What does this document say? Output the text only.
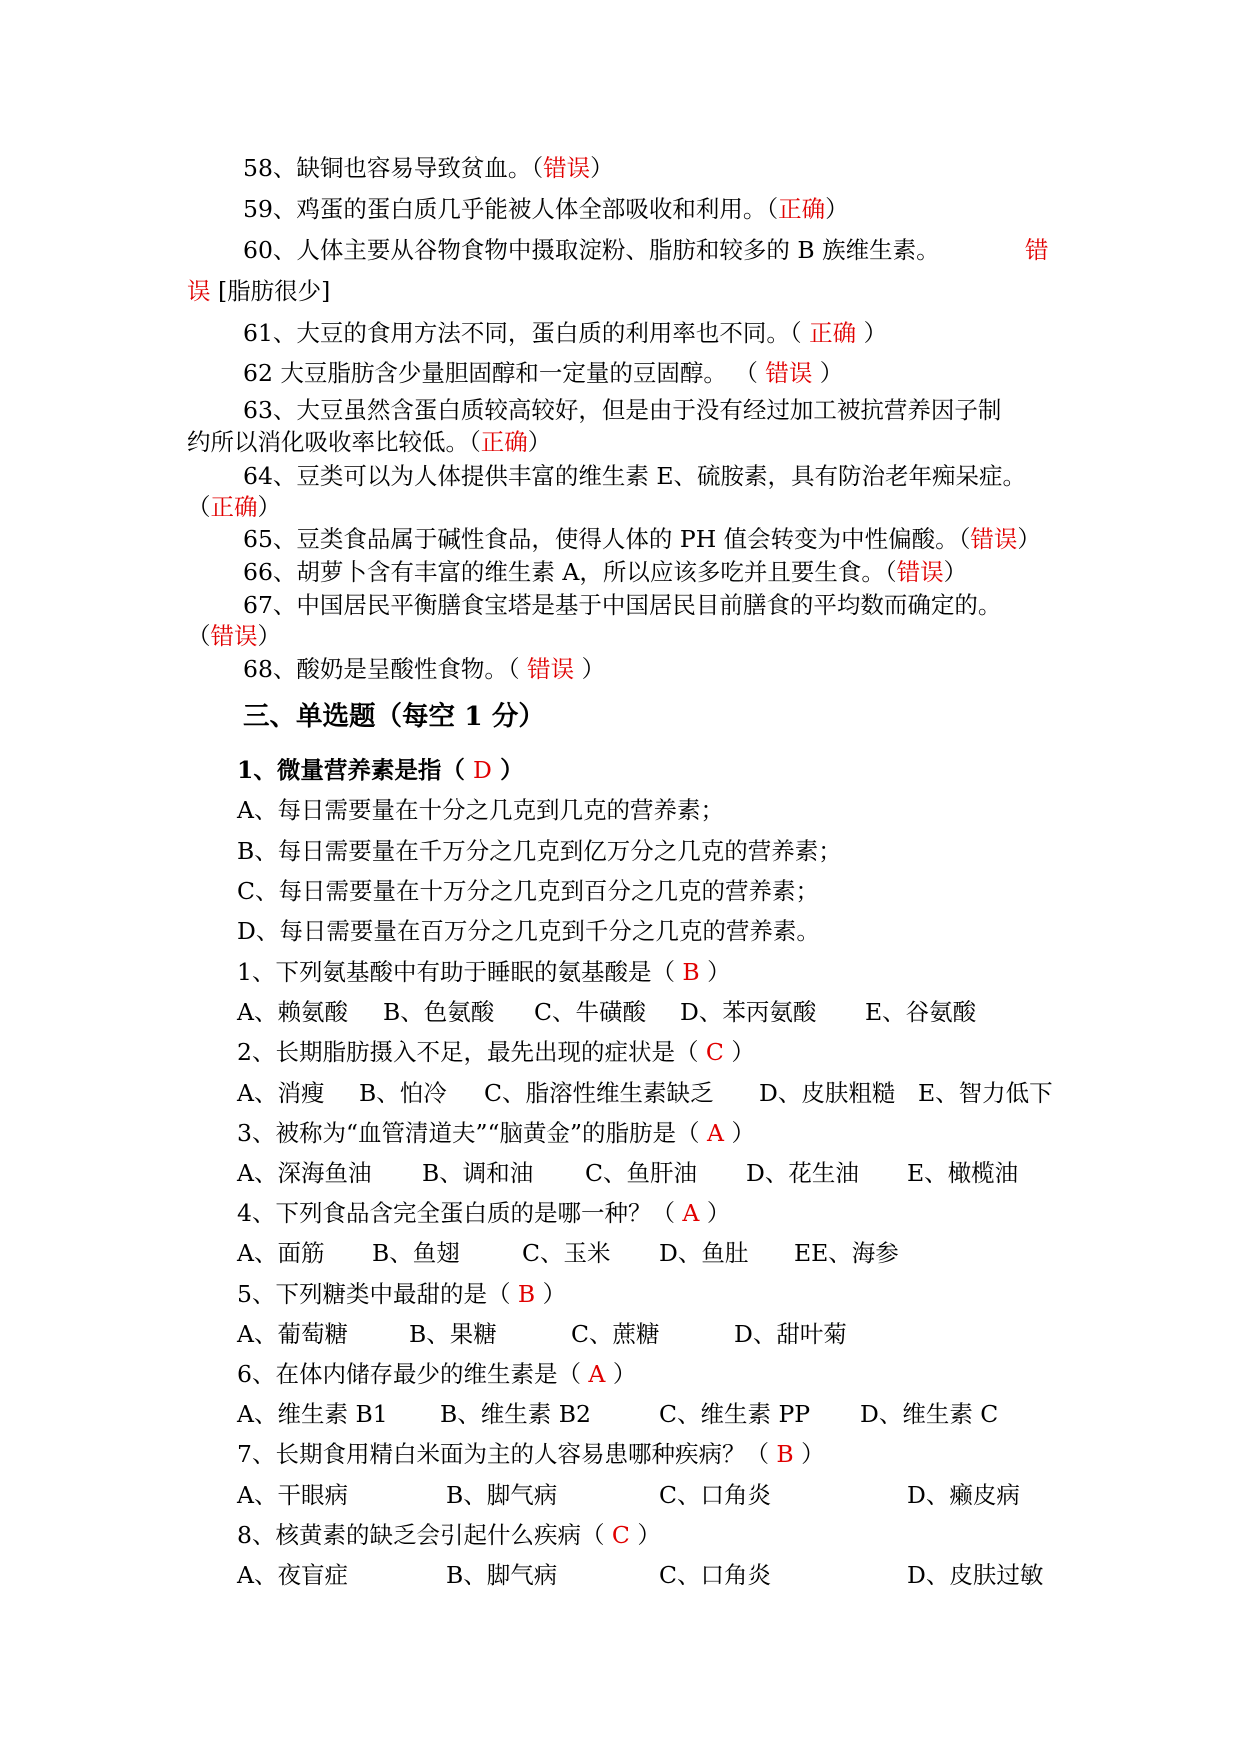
58、缺铜也容易导致贫血。（错误）
59、鸡蛋的蛋白质几乎能被人体全部吸收和利用。（正确）
60、人体主要从谷物食物中摄取淀粉、脂肪和较多的 B 族维生素。	错
误 [脂肪很少]
61、大豆的食用方法不同，蛋白质的利用率也不同。（ 正确 ）
62 大豆脂肪含少量胆固醇和一定量的豆固醇。 （ 错误 ）
63、大豆虽然含蛋白质较高较好，但是由于没有经过加工被抗营养因子制
约所以消化吸收率比较低。（正确）
64、豆类可以为人体提供丰富的维生素 E、硫胺素，具有防治老年痴呆症。
（正确）
65、豆类食品属于碱性食品，使得人体的 PH 值会转变为中性偏酸。（错误）
66、胡萝卜含有丰富的维生素 A，所以应该多吃并且要生食。（错误）
67、中国居民平衡膳食宝塔是基于中国居民目前膳食的平均数而确定的。
（错误）
68、酸奶是呈酸性食物。（ 错误 ）
三、单选题（每空 1 分）
1、微量营养素是指（ D ）
A、每日需要量在十分之几克到几克的营养素；
B、每日需要量在千万分之几克到亿万分之几克的营养素；
C、每日需要量在十万分之几克到百分之几克的营养素；
D、每日需要量在百万分之几克到千分之几克的营养素。
1、下列氨基酸中有助于睡眠的氨基酸是（ B ）
A、赖氨酸 B、色氨酸 C、牛磺酸 D、苯丙氨酸 E、谷氨酸
2、长期脂肪摄入不足，最先出现的症状是（ C ）
A、消瘦 B、怕冷 C、脂溶性维生素缺乏 D、皮肤粗糙 E、智力低下
3、被称为“血管清道夫”“脑黄金”的脂肪是（ A ）
A、深海鱼油 B、调和油 C、鱼肝油 D、花生油 E、橄榄油
4、下列食品含完全蛋白质的是哪一种？（ A ）
A、面筋 B、鱼翅	C、玉米 D、鱼肚 EE、海参
5、下列糖类中最甜的是（ B ）
A、葡萄糖	B、果糖	C、蔗糖	D、甜叶菊
6、在体内储存最少的维生素是（ A ）
A、维生素 B1 B、维生素 B2	C、维生素 PP D、维生素 C
7、长期食用精白米面为主的人容易患哪种疾病？（ B ）
A、干眼病	B、脚气病	C、口角炎	D、癞皮病
8、核黄素的缺乏会引起什么疾病（ C ）
A、夜盲症	B、脚气病	C、口角炎	D、皮肤过敏
